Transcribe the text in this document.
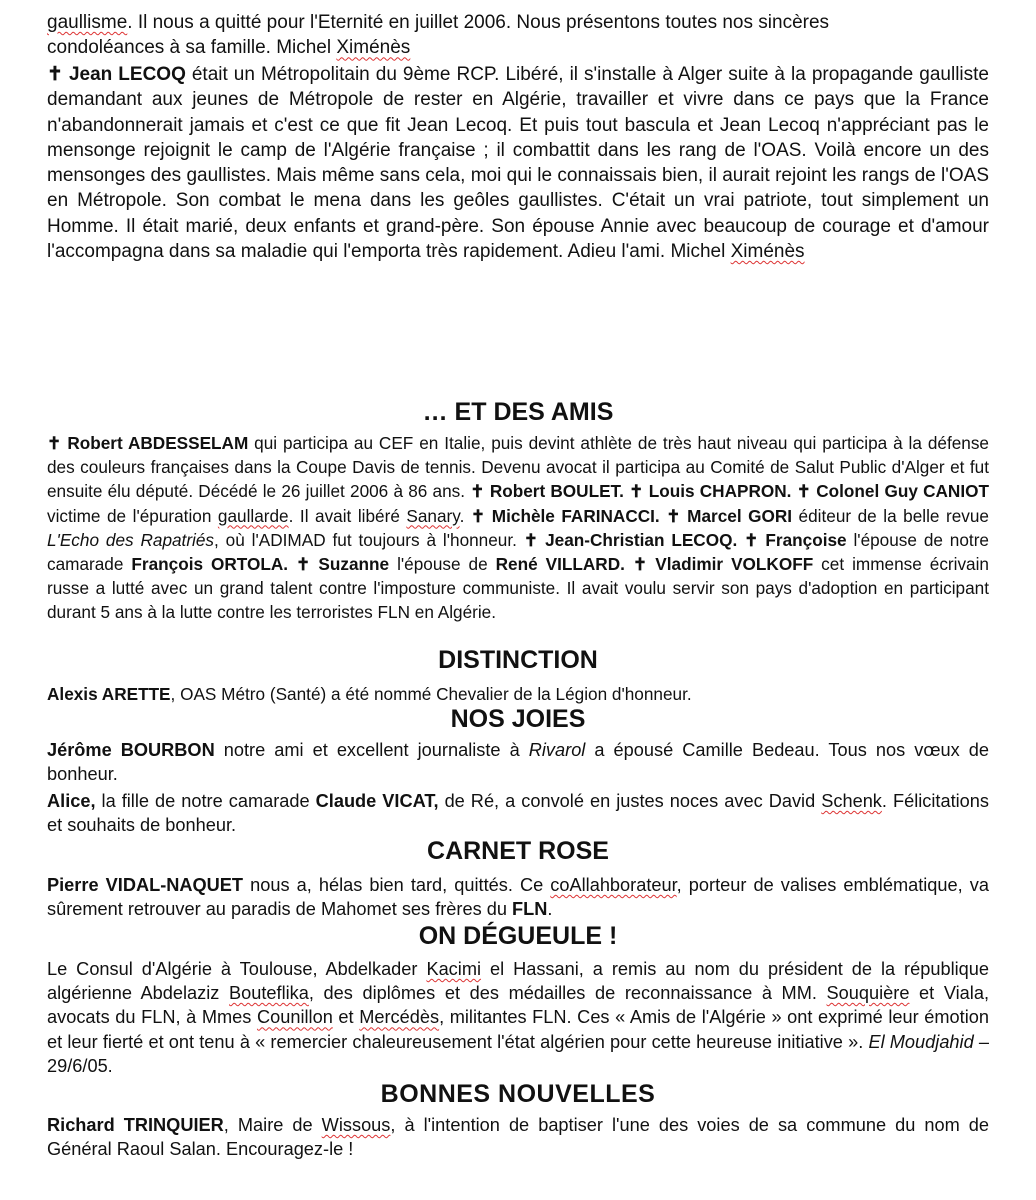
gaullisme. Il nous a quitté pour l'Eternité en juillet 2006. Nous présentons toutes nos sincères
condoléances à sa famille. Michel Ximénès

✝ Jean LECOQ était un Métropolitain du 9ème RCP. Libéré, il s'installe à Alger suite à la propagande gaulliste demandant aux jeunes de Métropole de rester en Algérie, travailler et vivre dans ce pays que la France n'abandonnerait jamais et c'est ce que fit Jean Lecoq. Et puis tout bascula et Jean Lecoq n'appréciant pas le mensonge rejoignit le camp de l'Algérie française ; il combattit dans les rang de l'OAS. Voilà encore un des mensonges des gaullistes. Mais même sans cela, moi qui le connaissais bien, il aurait rejoint les rangs de l'OAS en Métropole. Son combat le mena dans les geôles gaullistes. C'était un vrai patriote, tout simplement un Homme. Il était marié, deux enfants et grand-père. Son épouse Annie avec beaucoup de courage et d'amour l'accompagna dans sa maladie qui l'emporta très rapidement. Adieu l'ami. Michel Ximénès

… ET DES AMIS

✝ Robert ABDESSELAM qui participa au CEF en Italie, puis devint athlète de très haut niveau qui participa à la défense des couleurs françaises dans la Coupe Davis de tennis. Devenu avocat il participa au Comité de Salut Public d'Alger et fut ensuite élu député. Décédé le 26 juillet 2006 à 86 ans. ✝ Robert BOULET. ✝ Louis CHAPRON. ✝ Colonel Guy CANIOT victime de l'épuration gaullarde. Il avait libéré Sanary. ✝ Michèle FARINACCI. ✝ Marcel GORI éditeur de la belle revue L'Echo des Rapatriés, où l'ADIMAD fut toujours à l'honneur. ✝ Jean-Christian LECOQ. ✝ Françoise l'épouse de notre camarade François ORTOLA. ✝ Suzanne l'épouse de René VILLARD. ✝ Vladimir VOLKOFF cet immense écrivain russe a lutté avec un grand talent contre l'imposture communiste. Il avait voulu servir son pays d'adoption en participant durant 5 ans à la lutte contre les terroristes FLN en Algérie.

DISTINCTION

Alexis ARETTE, OAS Métro (Santé) a été nommé Chevalier de la Légion d'honneur.

NOS JOIES

Jérôme BOURBON notre ami et excellent journaliste à Rivarol a épousé Camille Bedeau. Tous nos vœux de bonheur.

Alice, la fille de notre camarade Claude VICAT, de Ré, a convolé en justes noces avec David Schenk. Félicitations et souhaits de bonheur.

CARNET ROSE

Pierre VIDAL-NAQUET nous a, hélas bien tard, quittés. Ce coAllahborateur, porteur de valises emblématique, va sûrement retrouver au paradis de Mahomet ses frères du FLN.

ON DÉGUEULE !

Le Consul d'Algérie à Toulouse, Abdelkader Kacimi el Hassani, a remis au nom du président de la république algérienne Abdelaziz Bouteflika, des diplômes et des médailles de reconnaissance à MM. Souquière et Viala, avocats du FLN, à Mmes Counillon et Mercédès, militantes FLN. Ces « Amis de l'Algérie » ont exprimé leur émotion et leur fierté et ont tenu à « remercier chaleureusement l'état algérien pour cette heureuse initiative ». El Moudjahid – 29/6/05.

BONNES NOUVELLES

Richard TRINQUIER, Maire de Wissous, à l'intention de baptiser l'une des voies de sa commune du nom de Général Raoul Salan. Encouragez-le !
